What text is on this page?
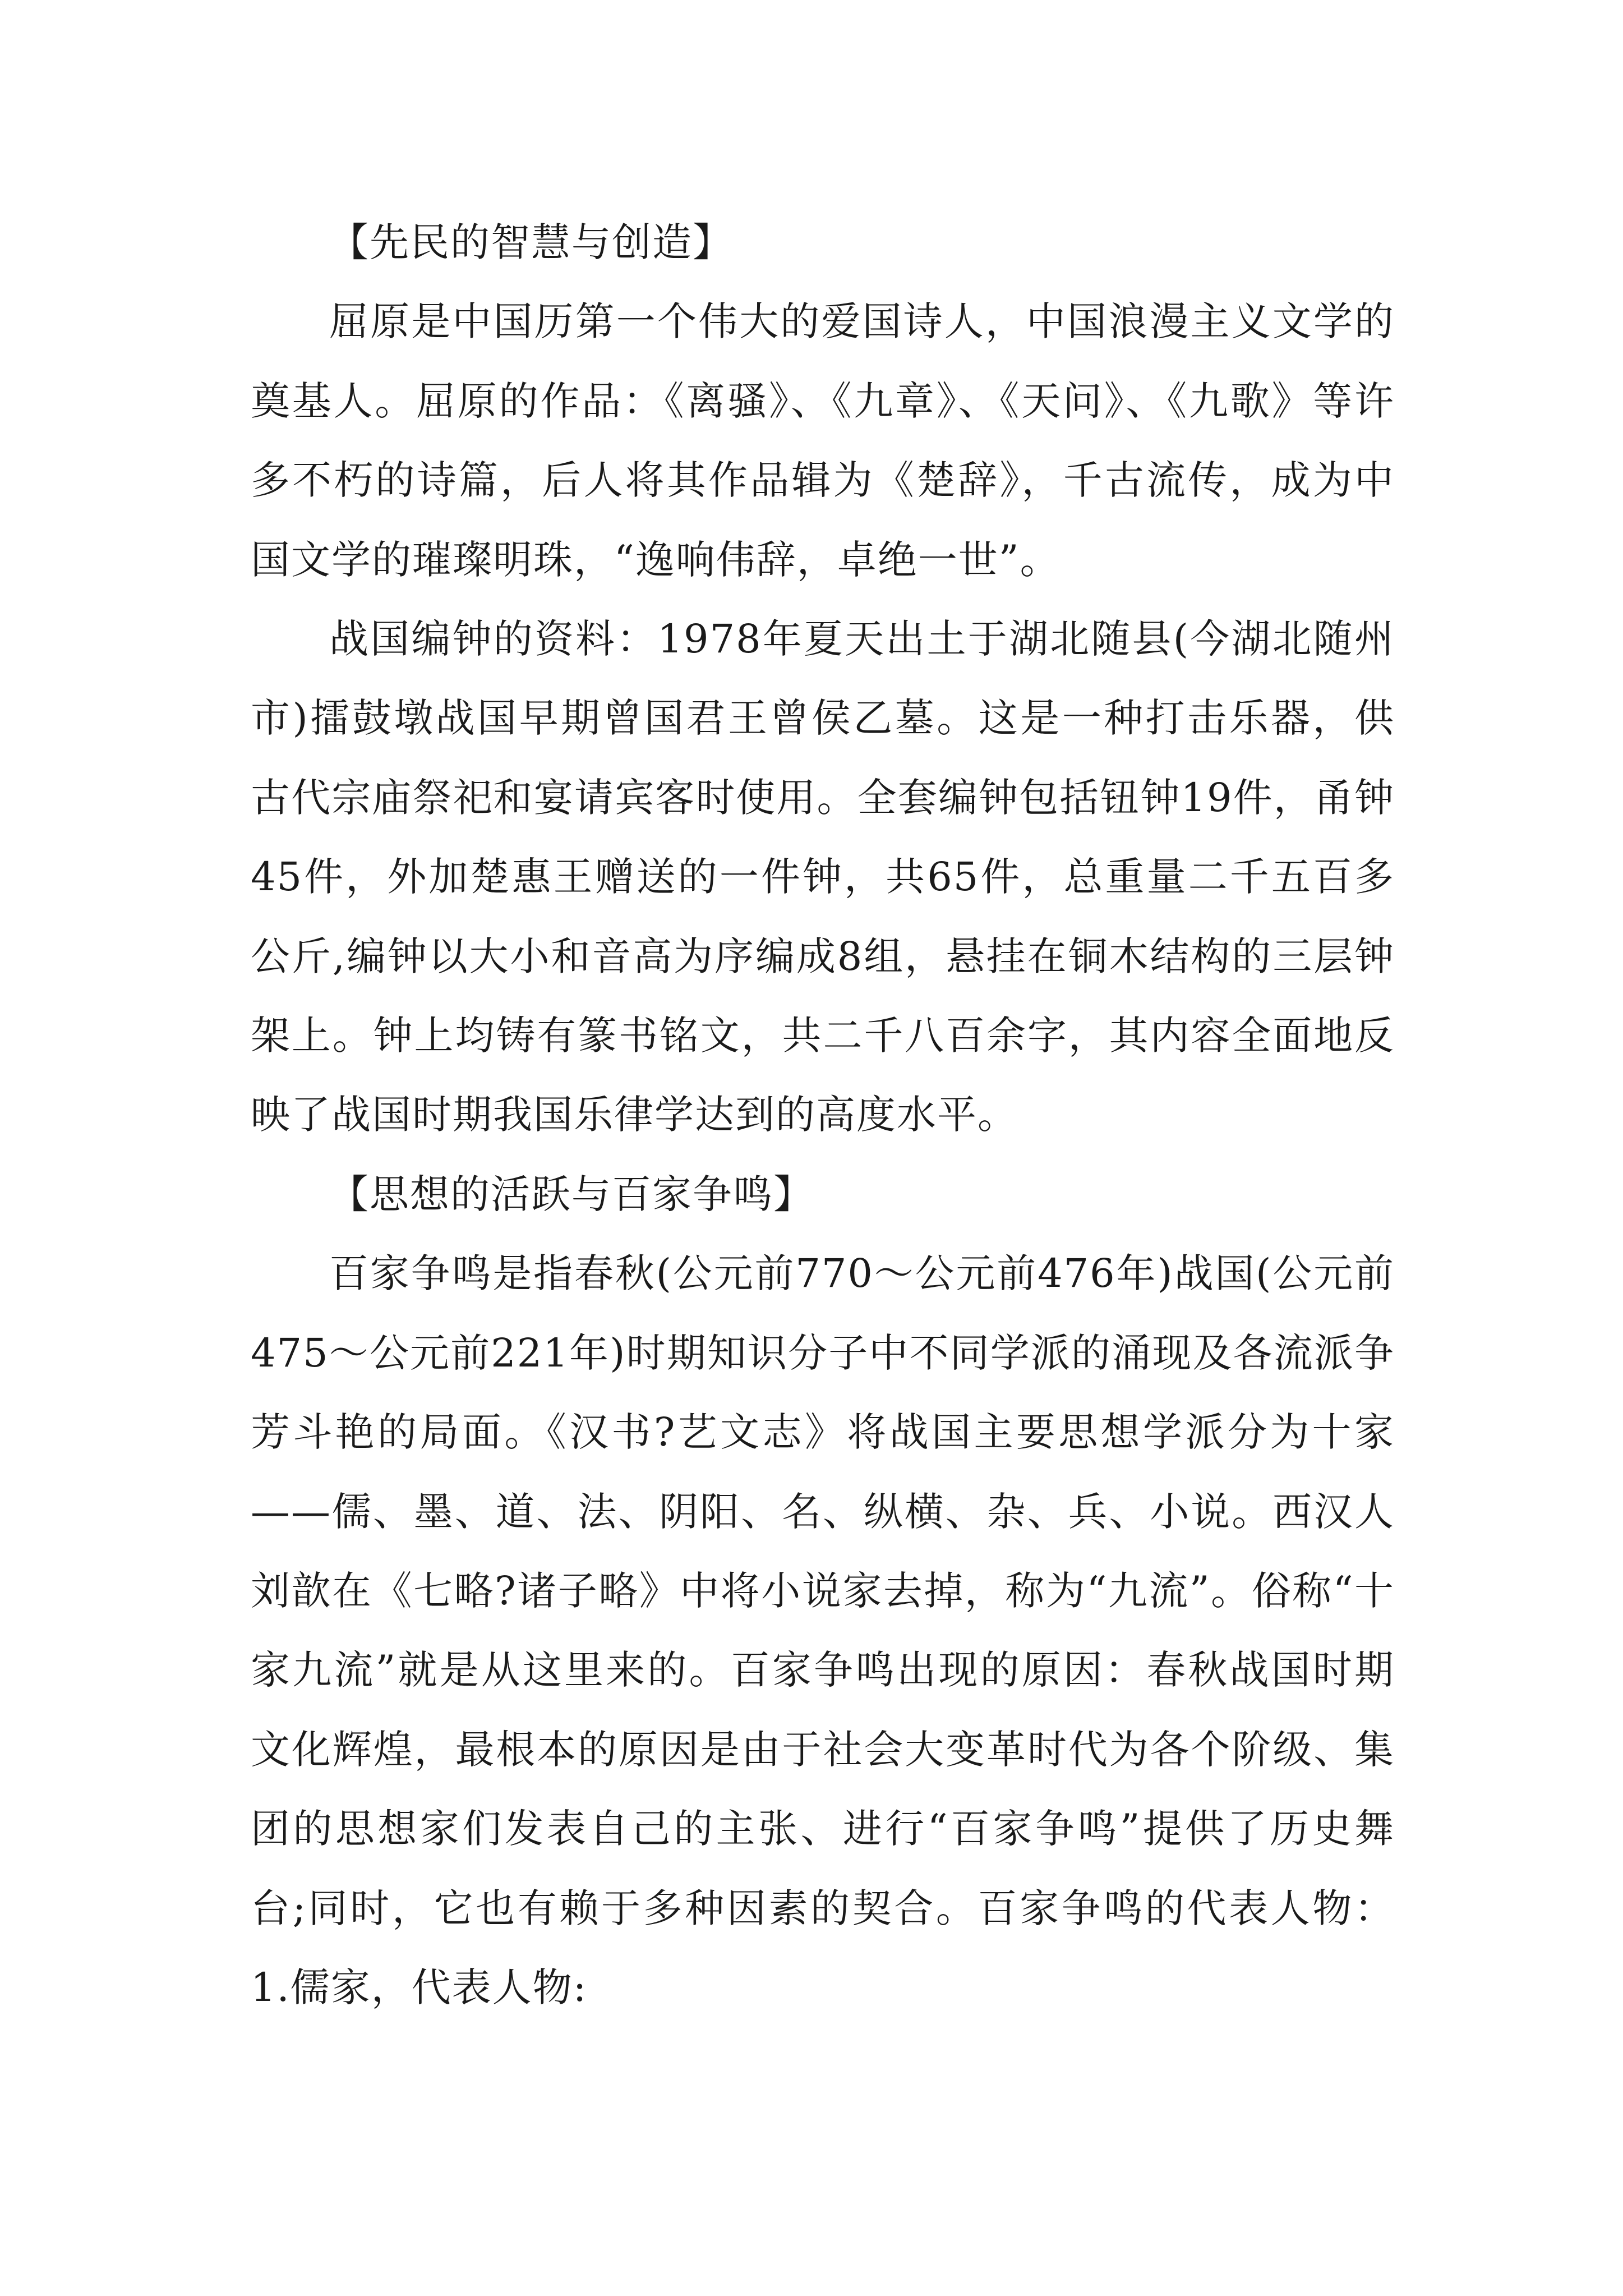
【先民的智慧与创造】

屈原是中国历第一个伟大的爱国诗人，中国浪漫主义文学的奠基人。屈原的作品：《离骚》、《九章》、《天问》、《九歌》等许多不朽的诗篇，后人将其作品辑为《楚辞》，千古流传，成为中国文学的璀璨明珠，“逸响伟辞，卓绝一世”。

战国编钟的资料：1978年夏天出土于湖北随县(今湖北随州市)擂鼓墩战国早期曾国君王曾侯乙墓。这是一种打击乐器，供古代宗庙祭祀和宴请宾客时使用。全套编钟包括钮钟19件，甬钟45件，外加楚惠王赠送的一件钟，共65件，总重量二千五百多公斤,编钟以大小和音高为序编成8组，悬挂在铜木结构的三层钟架上。钟上均铸有篆书铭文，共二千八百余字，其内容全面地反映了战国时期我国乐律学达到的高度水平。

【思想的活跃与百家争鸣】

百家争鸣是指春秋(公元前770～公元前476年)战国(公元前475～公元前221年)时期知识分子中不同学派的涌现及各流派争芳斗艳的局面。《汉书?艺文志》将战国主要思想学派分为十家——儒、墨、道、法、阴阳、名、纵横、杂、兵、小说。西汉人刘歆在《七略?诸子略》中将小说家去掉，称为“九流”。俗称“十家九流”就是从这里来的。百家争鸣出现的原因：春秋战国时期文化辉煌，最根本的原因是由于社会大变革时代为各个阶级、集团的思想家们发表自己的主张、进行“百家争鸣”提供了历史舞台;同时，它也有赖于多种因素的契合。百家争鸣的代表人物：1.儒家，代表人物:
